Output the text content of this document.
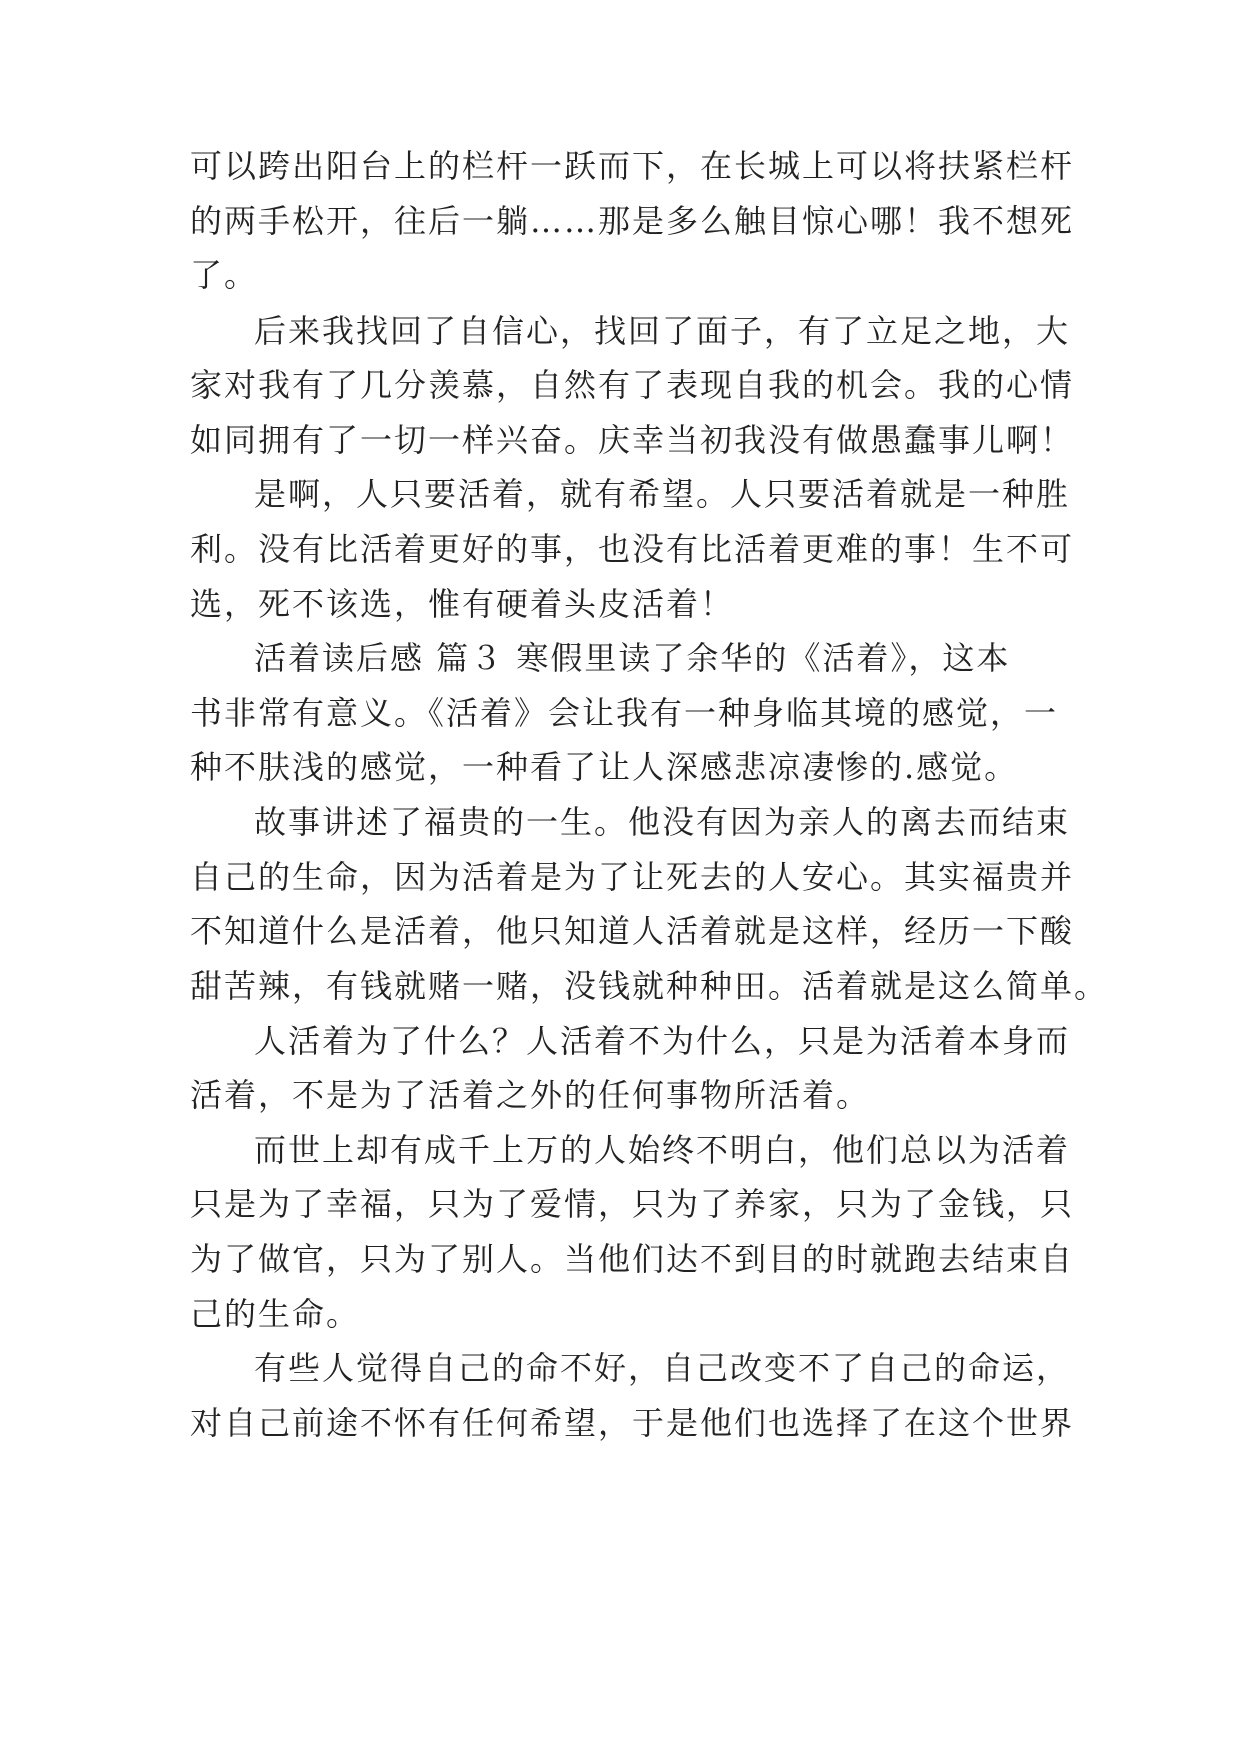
可以跨出阳台上的栏杆一跃而下，在长城上可以将扶紧栏杆
的两手松开，往后一躺……那是多么触目惊心哪！我不想死
了。
后来我找回了自信心，找回了面子，有了立足之地，大
家对我有了几分羡慕，自然有了表现自我的机会。我的心情
如同拥有了一切一样兴奋。庆幸当初我没有做愚蠢事儿啊！
是啊，人只要活着，就有希望。人只要活着就是一种胜
利。没有比活着更好的事，也没有比活着更难的事！生不可
选，死不该选，惟有硬着头皮活着！
活着读后感 篇３ 寒假里读了余华的《活着》，这本
书非常有意义。《活着》会让我有一种身临其境的感觉，一
种不肤浅的感觉，一种看了让人深感悲凉凄惨的.感觉。
故事讲述了福贵的一生。他没有因为亲人的离去而结束
自己的生命，因为活着是为了让死去的人安心。其实福贵并
不知道什么是活着，他只知道人活着就是这样，经历一下酸
甜苦辣，有钱就赌一赌，没钱就种种田。活着就是这么简单。
人活着为了什么？人活着不为什么，只是为活着本身而
活着，不是为了活着之外的任何事物所活着。
而世上却有成千上万的人始终不明白，他们总以为活着
只是为了幸福，只为了爱情，只为了养家，只为了金钱，只
为了做官，只为了别人。当他们达不到目的时就跑去结束自
己的生命。
有些人觉得自己的命不好，自己改变不了自己的命运，
对自己前途不怀有任何希望，于是他们也选择了在这个世界
